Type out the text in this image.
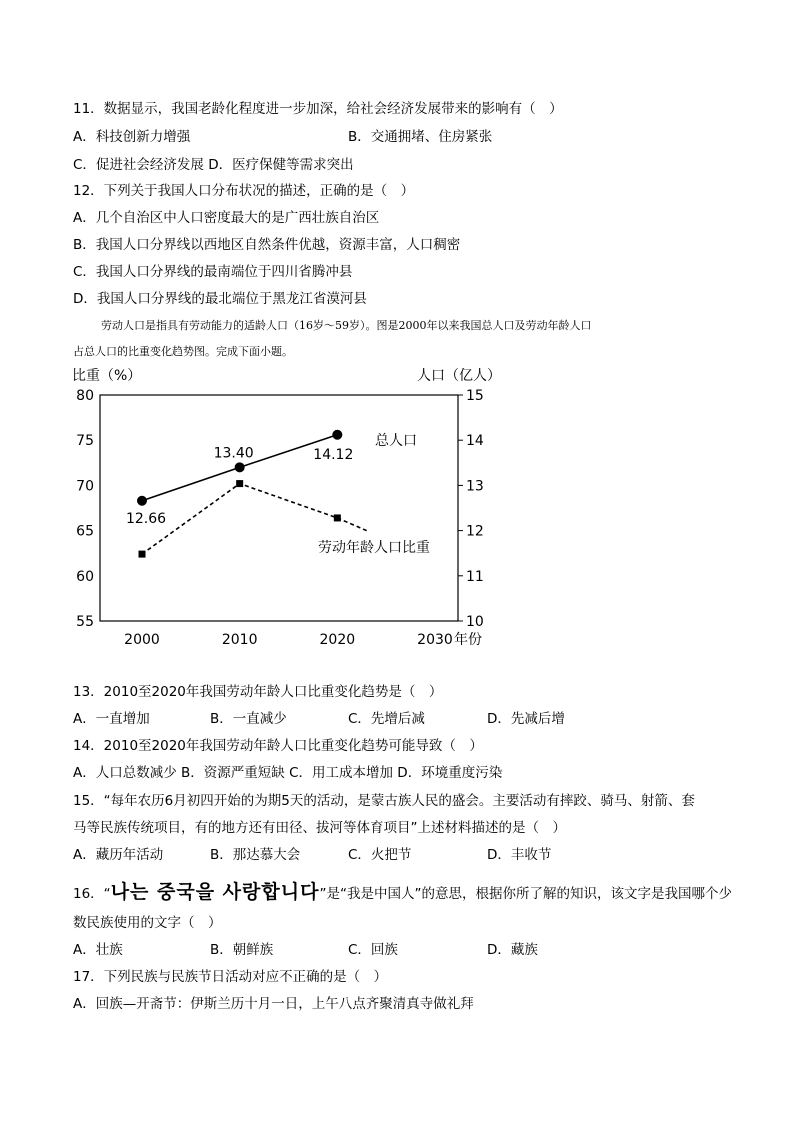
11．数据显示，我国老龄化程度进一步加深，给社会经济发展带来的影响有（　）
A．科技创新力增强	B．交通拥堵、住房紧张
C．促进社会经济发展 D．医疗保健等需求突出
12．下列关于我国人口分布状况的描述，正确的是（　）
A．几个自治区中人口密度最大的是广西壮族自治区
B．我国人口分界线以西地区自然条件优越，资源丰富，人口稠密
C．我国人口分界线的最南端位于四川省腾冲县
D．我国人口分界线的最北端位于黑龙江省漠河县
劳动人口是指具有劳动能力的适龄人口（16岁～59岁）。图是2000年以来我国总人口及劳动年龄人口
占总人口的比重变化趋势图。完成下面小题。
比重（%）	人口（亿人）
80
75
70
65
60
55
15
14
13
12
11
10
2000	2010	2020	2030 年份
12.66
13.40	14.12
总人口
劳动年龄人口比重
13．2010至2020年我国劳动年龄人口比重变化趋势是（　）
A．一直增加	B．一直减少	C．先增后减	D．先减后增
14．2010至2020年我国劳动年龄人口比重变化趋势可能导致（　）
A．人口总数减少 B．资源严重短缺 C．用工成本增加 D．环境重度污染
15．“每年农历6月初四开始的为期5天的活动，是蒙古族人民的盛会。主要活动有摔跤、骑马、射箭、套
马等民族传统项目，有的地方还有田径、拔河等体育项目”上述材料描述的是（　）
A．藏历年活动	B．那达慕大会	C．火把节	D．丰收节
16．“나는 중국을 사랑합니다”是“我是中国人”的意思，根据你所了解的知识，该文字是我国哪个少
数民族使用的文字（　）
A．壮族	B．朝鲜族	C．回族	D．藏族
17．下列民族与民族节日活动对应不正确的是（　）
A．回族—开斋节：伊斯兰历十月一日，上午八点齐聚清真寺做礼拜
